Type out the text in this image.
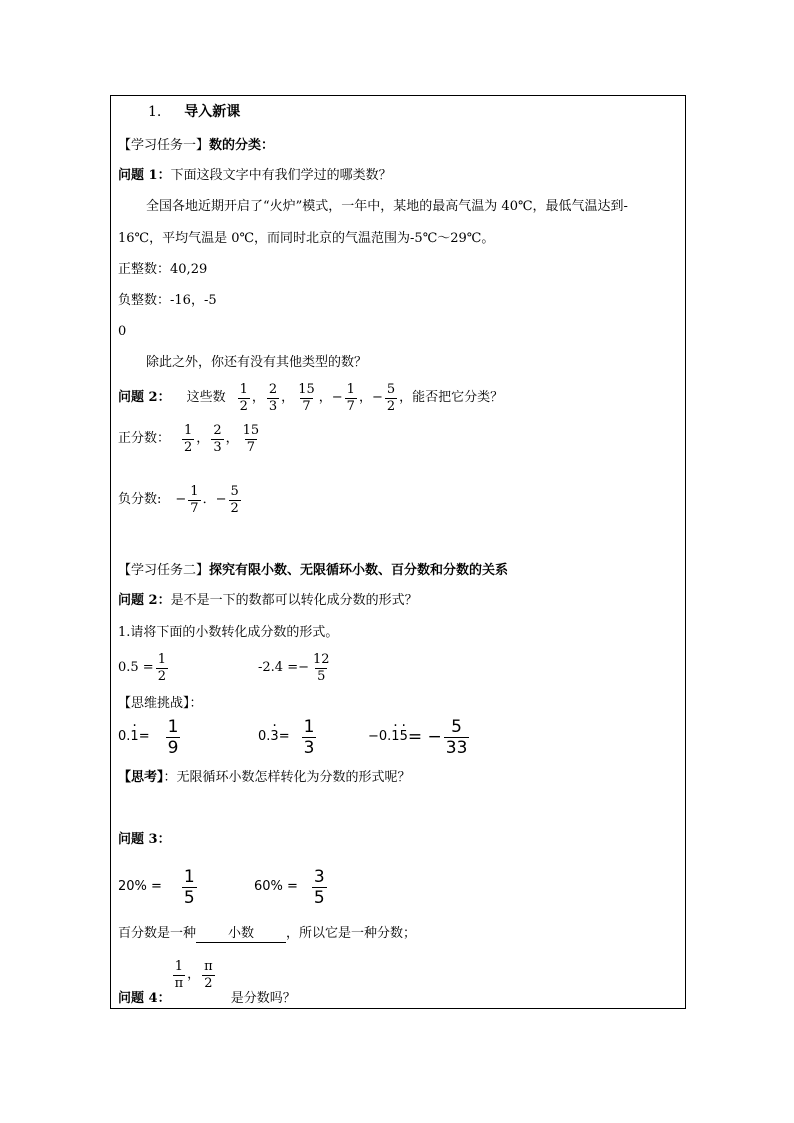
1. 导入新课
【学习任务一】数的分类：
问题 1：下面这段文字中有我们学过的哪类数？
全国各地近期开启了“火炉”模式，一年中，某地的最高气温为 40℃，最低气温达到-
16℃，平均气温是 0℃，而同时北京的气温范围为-5℃～29℃。
正整数：40,29
负整数：-16，-5
0
除此之外，你还有没有其他类型的数？
问题 2： 这些数 $\frac{1}{2}$ ， $\frac{2}{3}$ ， $\frac{15}{7}$ ， − $\frac{1}{7}$ ， − $\frac{5}{2}$ ，能否把它分类？
正分数： $\frac{1}{2}$ ， $\frac{2}{3}$ ， $\frac{15}{7}$
负分数: − $\frac{1}{7}$ ． − $\frac{5}{2}$
【学习任务二】探究有限小数、无限循环小数、百分数和分数的关系
问题 2：是不是一下的数都可以转化成分数的形式？
1.请将下面的小数转化成分数的形式。
$0.5 = \frac{1}{2}$	$-2.4 =- \frac{12}{5}$
【思维挑战】：
0. 1 · = $\frac{1}{9}$	0. 3 · = $\frac{1}{3}$	−0. 1 · 5 · = − $\frac{5}{33}$
【思考】：无限循环小数怎样转化为分数的形式呢？
问题 3：
$20\% = \frac{1}{5}$	$60\% = \frac{3}{5}$
百分数是一种 小数 ，所以它是一种分数；
问题 4：
$\frac{1}{\pi}$ ， $\frac{\pi}{2}$
是分数吗？
